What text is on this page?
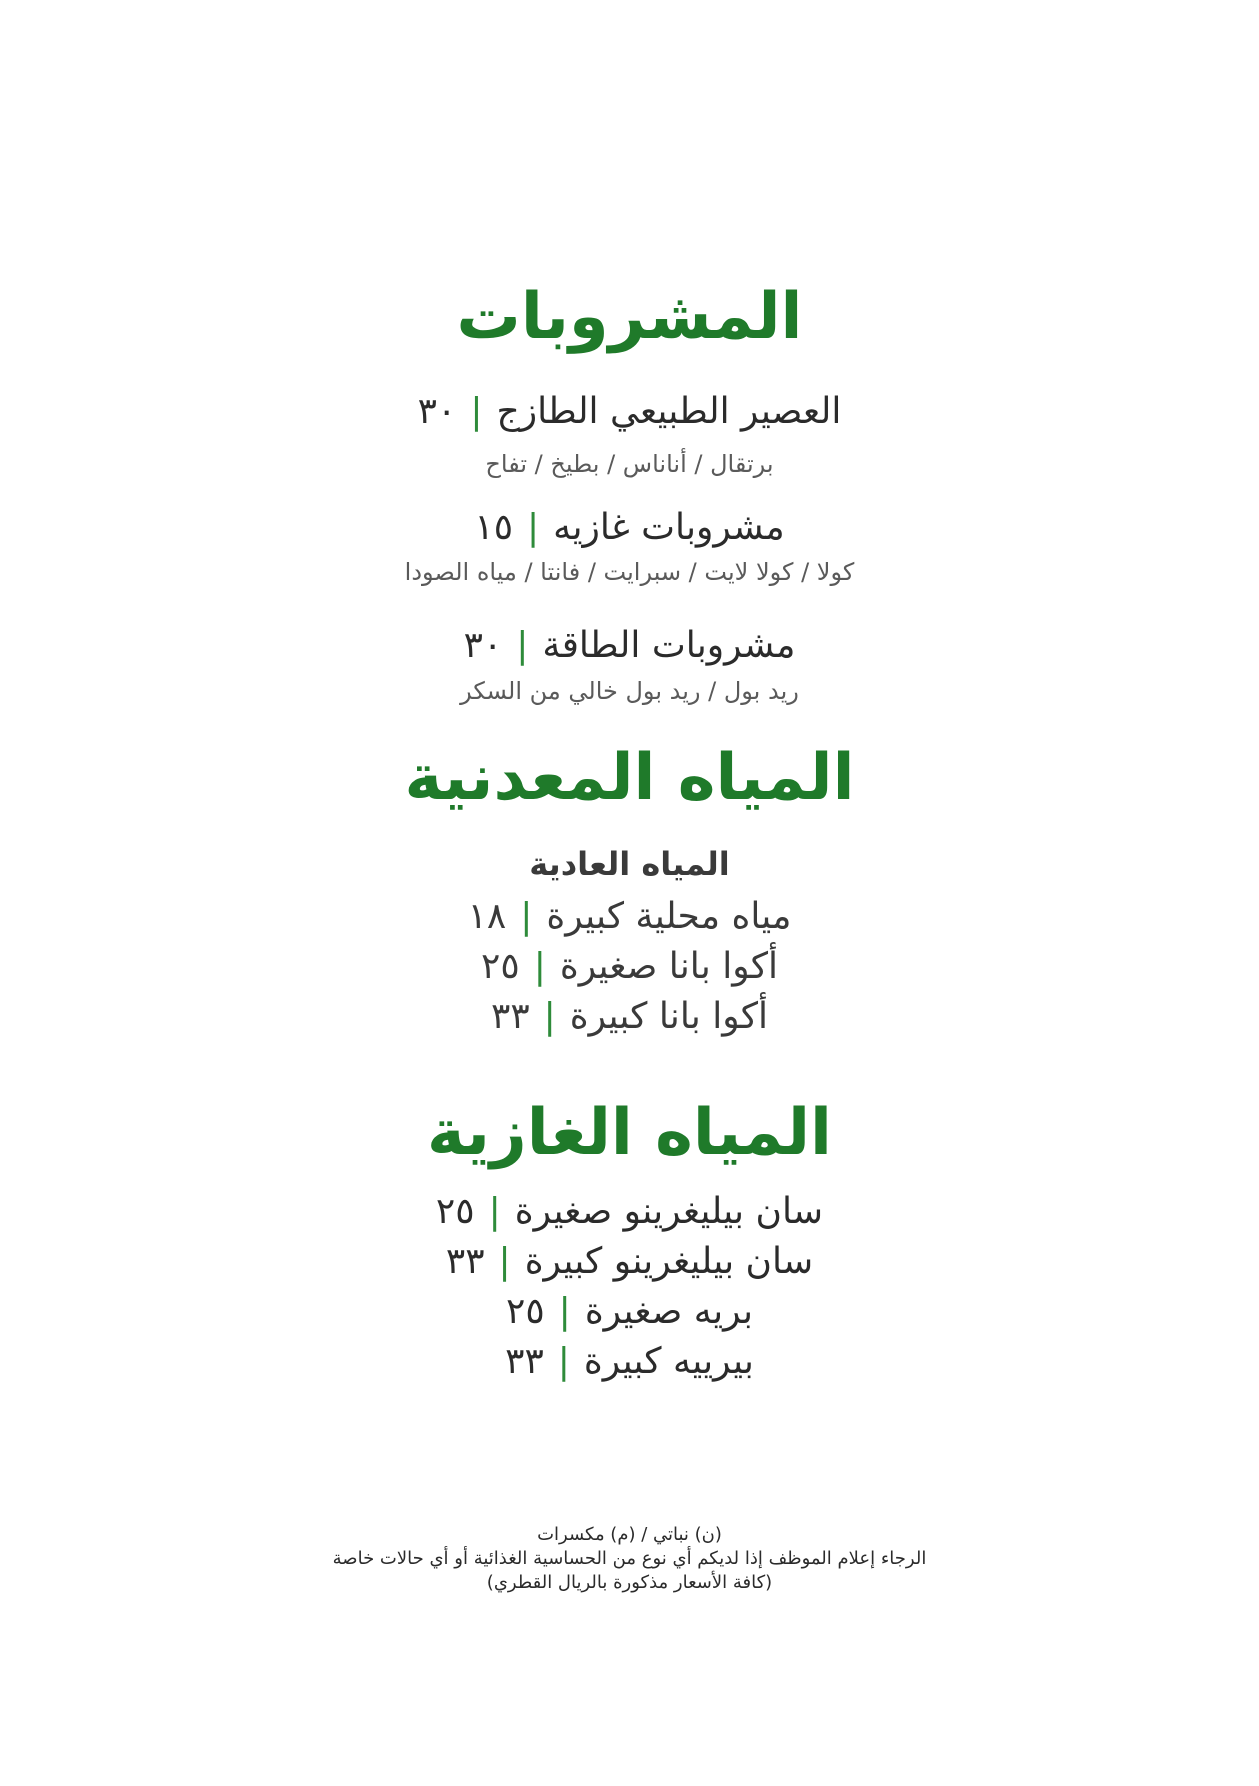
المشروبات
العصير الطبيعي الطازج|٣٠
برتقال / أناناس / بطيخ / تفاح
مشروبات غازيه|١٥
كولا / كولا لايت / سبرايت / فانتا / مياه الصودا
مشروبات الطاقة|٣٠
ريد بول / ريد بول خالي من السكر
المياه المعدنية
المياه العادية
مياه محلية كبيرة|١٨
أكوا بانا صغيرة|٢٥
أكوا بانا كبيرة|٣٣
المياه الغازية
سان بيليغرينو صغيرة|٢٥
سان بيليغرينو كبيرة|٣٣
بريه صغيرة|٢٥
بيرييه كبيرة|٣٣
(ن) نباتي / (م) مكسرات
الرجاء إعلام الموظف إذا لديكم أي نوع من الحساسية الغذائية أو أي حالات خاصة
(كافة الأسعار مذكورة بالريال القطري)
